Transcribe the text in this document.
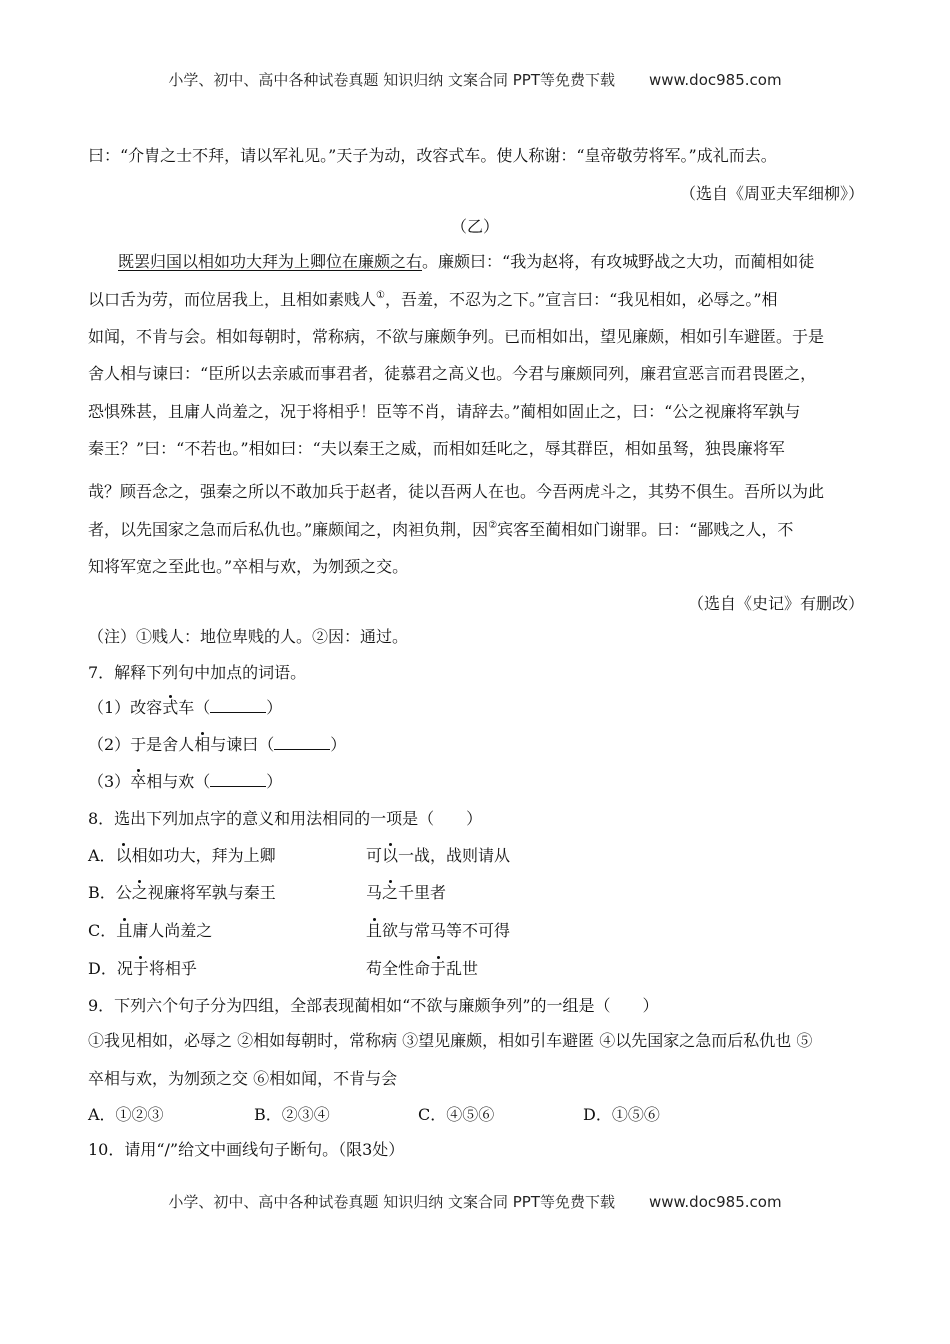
小学、初中、高中各种试卷真题 知识归纳 文案合同 PPT等免费下载 www.doc985.com
曰：“介胄之士不拜，请以军礼见。”天子为动，改容式车。使人称谢：“皇帝敬劳将军。”成礼而去。
（选自《周亚夫军细柳》）
（乙）
既罢归国以相如功大拜为上卿位在廉颇之右。廉颇曰：“我为赵将，有攻城野战之大功，而蔺相如徒
以口舌为劳，而位居我上，且相如素贱人①，吾羞，不忍为之下。”宣言曰：“我见相如，必辱之。”相
如闻，不肯与会。相如每朝时，常称病，不欲与廉颇争列。已而相如出，望见廉颇，相如引车避匿。于是
舍人相与谏曰：“臣所以去亲戚而事君者，徒慕君之高义也。今君与廉颇同列，廉君宣恶言而君畏匿之，
恐惧殊甚，且庸人尚羞之，况于将相乎！臣等不肖，请辞去。”蔺相如固止之，曰：“公之视廉将军孰与
秦王？”曰：“不若也。”相如曰：“夫以秦王之威，而相如廷叱之，辱其群臣，相如虽驽，独畏廉将军
哉？顾吾念之，强秦之所以不敢加兵于赵者，徒以吾两人在也。今吾两虎斗之，其势不俱生。吾所以为此
者，以先国家之急而后私仇也。”廉颇闻之，肉袒负荆，因②宾客至蔺相如门谢罪。曰：“鄙贱之人，不
知将军宽之至此也。”卒相与欢，为刎颈之交。
（选自《史记》有删改）
（注）①贱人：地位卑贱的人。②因：通过。
7．解释下列句中加点的词语。
（1）改容式车（	）
（2）于是舍人相与谏曰（	）
（3）卒相与欢（	）
8．选出下列加点字的意义和用法相同的一项是（　　）
A．以相如功大，拜为上卿	可以一战，战则请从
B．公之视廉将军孰与秦王	马之千里者
C．且庸人尚羞之	且欲与常马等不可得
D．况于将相乎	苟全性命于乱世
9．下列六个句子分为四组，全部表现蔺相如“不欲与廉颇争列”的一组是（　　）
①我见相如，必辱之 ②相如每朝时，常称病 ③望见廉颇，相如引车避匿 ④以先国家之急而后私仇也 ⑤
卒相与欢，为刎颈之交 ⑥相如闻，不肯与会
A．①②③	B．②③④	C．④⑤⑥	D．①⑤⑥
10．请用“/”给文中画线句子断句。（限3处）
小学、初中、高中各种试卷真题 知识归纳 文案合同 PPT等免费下载 www.doc985.com
